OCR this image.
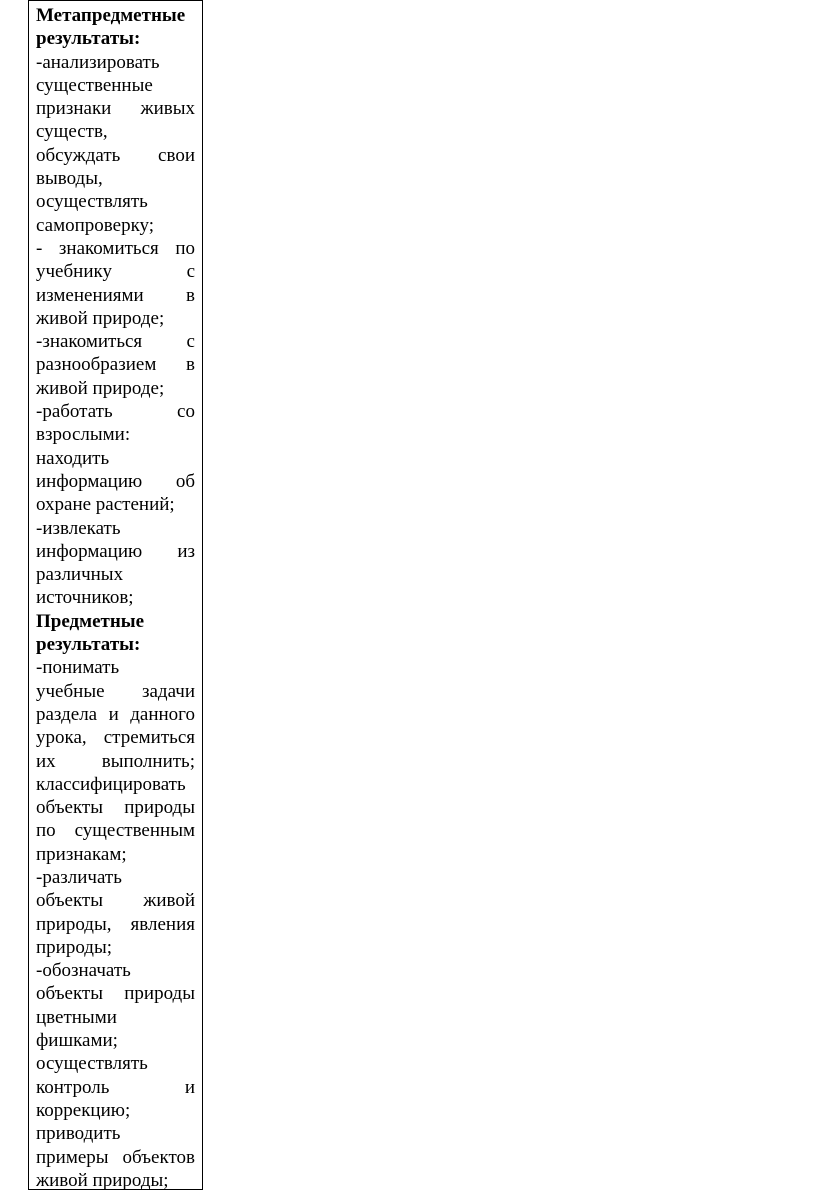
Метапредметные
результаты:
-анализировать
существенные
признаки живых
существ,
обсуждать свои
выводы,
осуществлять
самопроверку;
- знакомиться по
учебнику с
изменениями в
живой природе;
-знакомиться с
разнообразием в
живой природе;
-работать со
взрослыми:
находить
информацию об
охране растений;
-извлекать
информацию из
различных
источников;
Предметные
результаты:
-понимать
учебные задачи
раздела и данного
урока, стремиться
их выполнить;
классифицировать
объекты природы
по существенным
признакам;
-различать
объекты живой
природы, явления
природы;
-обозначать
объекты природы
цветными
фишками;
осуществлять
контроль и
коррекцию;
приводить
примеры объектов
живой природы;
